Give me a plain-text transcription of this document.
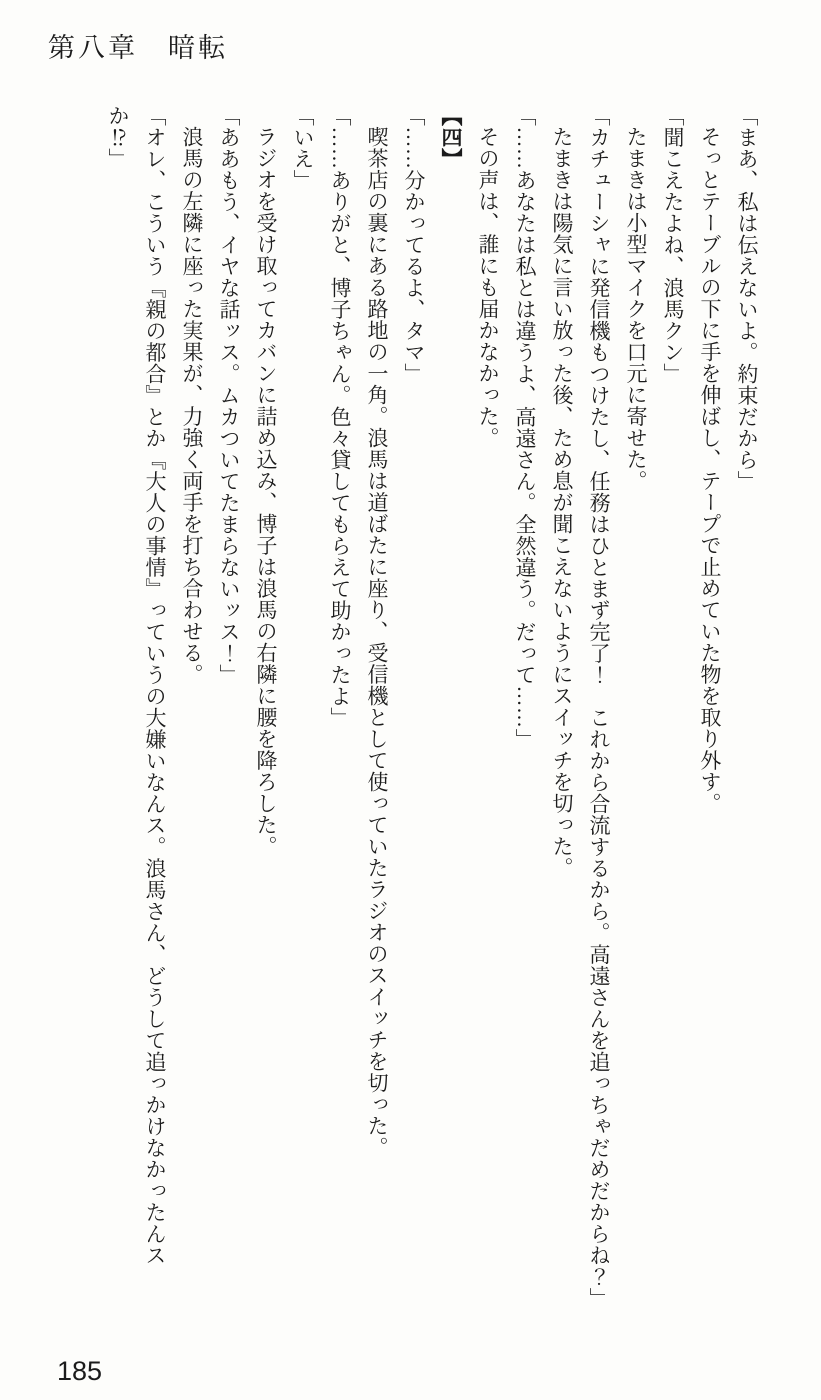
第八章　暗転

「まあ、私は伝えないよ。約束だから」

そっとテーブルの下に手を伸ばし、テープで止めていた物を取り外す。

「聞こえたよね、浪馬クン」

たまきは小型マイクを口元に寄せた。

「カチューシャに発信機もつけたし、任務はひとまず完了！　これから合流するから。高遠さんを追っちゃだめだからね？」

たまきは陽気に言い放った後、ため息が聞こえないようにスイッチを切った。

「……あなたは私とは違うよ、高遠さん。全然違う。だって……」

その声は、誰にも届かなかった。

【四】

「……分かってるよ、タマ」

喫茶店の裏にある路地の一角。浪馬は道ばたに座り、受信機として使っていたラジオのスイッチを切った。

「……ありがと、博子ちゃん。色々貸してもらえて助かったよ」

「いえ」

ラジオを受け取ってカバンに詰め込み、博子は浪馬の右隣に腰を降ろした。

「ああもう、イヤな話ッス。ムカついてたまらないッス！」

浪馬の左隣に座った実果が、力強く両手を打ち合わせる。

「オレ、こういう『親の都合』とか『大人の事情』っていうの大嫌いなんス。浪馬さん、どうして追っかけなかったんスか⁉」

185
